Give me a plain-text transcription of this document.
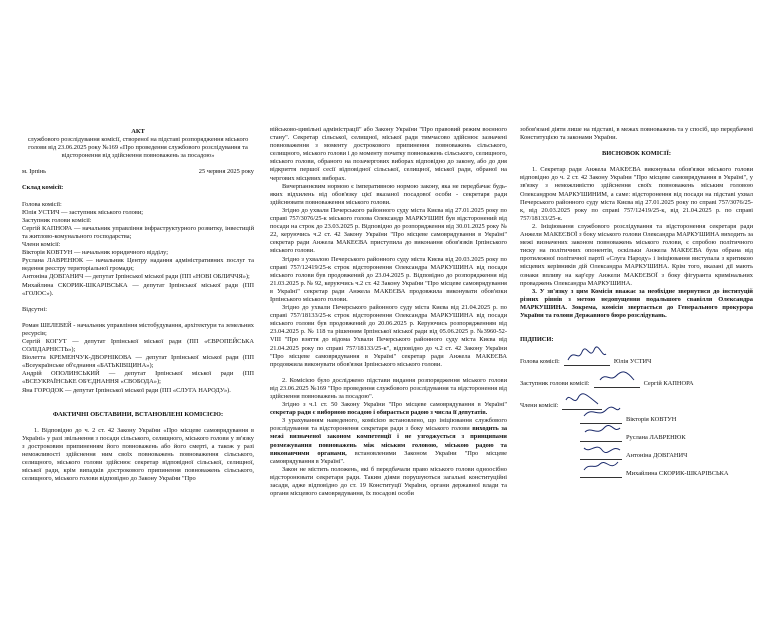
АКТ

службового розслідування комісії, створеної на підставі розпорядження міського голови від 23.06.2025 року №169 «Про проведення службового розслідування та відсторонення від здійснення повноважень за посадою»

м. Ірпінь	25 червня 2025 року

Склад комісії:

Голова комісії:

Юлія УСТИЧ — заступник міського голови;

Заступник голови комісії:

Сергій КАПНОРА — начальник управління інфраструктурного розвитку, інвестицій та житлово-комунального господарства;

Члени комісії:

Вікторія КОВТУН — начальник юридичного відділу;

Руслана ЛАВРЕНЮК — начальник Центру надання адміністративних послуг та ведення реєстру територіальної громади;

Антоніна ДОВГАНИЧ — депутат Ірпінської міської ради (ПП «НОВІ ОБЛИЧЧЯ»);

Михайлина СКОРИК-ШКАРІВСЬКА — депутат Ірпінської міської ради (ПП «ГОЛОС»).

Відсутні:

Роман ШЕЛЕВЕЙ - начальник управління містобудування, архітектури та земельних ресурсів;

Сергій КОГУТ — депутат Ірпінської міської ради (ПП «ЄВРОПЕЙСЬКА СОЛІДАРНІСТЬ»);

Віолетта КРЕМЕНЧУК-ДВОРНІКОВА — депутат Ірпінської міської ради (ПП «Всеукраїнське об'єднання «БАТЬКІВЩИНА»);

Андрій ОПОЛИНСЬКИЙ — депутат Ірпінської міської ради (ПП «ВСЕУКРАЇНСЬКЕ ОБ'ЄДНАННЯ «СВОБОДА»);

Яна ГОРОДОК — депутат Ірпінської міської ради (ПП «СЛУГА НАРОДУ»).

ФАКТИЧНІ ОБСТАВИНИ, ВСТАНОВЛЕНІ КОМІСІЄЮ:

1. Відповідно до ч. 2 ст. 42 Закону України «Про місцеве самоврядування в Україні» у разі звільнення з посади сільського, селищного, міського голови у зв'язку з достроковим припиненням його повноважень або його смерті, а також у разі неможливості здійснення ним своїх повноважень повноваження сільського, селищного, міського голови здійснює секретар відповідної сільської, селищної, міської ради, крім випадків дострокового припинення повноважень сільського, селищного, міського голови відповідно до Закону України "Про

військово-цивільні адміністрації" або Закону України "Про правовий режим воєнного стану". Секретар сільської, селищної, міської ради тимчасово здійснює зазначені повноваження з моменту дострокового припинення повноважень сільського, селищного, міського голови і до моменту початку повноважень сільського, селищного, міського голови, обраного на позачергових виборах відповідно до закону, або до дня відкриття першої сесії відповідної сільської, селищної, міської ради, обраної на чергових місцевих виборах.

Вичерпаннєвим нормою є імперативною нормою закону, яка не передбачає будь-яких відхилень від обов'язку цієї вказаної посадової особи - секретаря ради здійснювати повноваження міського голови.

Згідно до ухвали Печерського районного суду міста Києва від 27.01.2025 року по справі 757/3076/25-к міського голова Олександр МАРКУШИН був відсторонений від посади на строк до 23.03.2025 р. Відповідно до розпорядження від 30.01.2025 року № 22, керуючись ч.2 ст. 42 Закону України "Про місцеве самоврядування в Україні" секретар ради Анжела МАКЕЄВА приступила до виконання обов'язків Ірпінського міського голови.

Згідно з ухвалою Печерського районного суду міста Києва від 20.03.2025 року по справі 757/12419/25-к строк відсторонення Олександра МАРКУШИНА від посади міського голови був продовжений до 23.04.2025 р. Відповідно до розпорядження від 21.03.2025 р. № 92, керуючись ч.2 ст. 42 Закону України "Про місцеве самоврядування в Україні" секретар ради Анжела МАКЕЄВА продовжила виконувати обов'язки Ірпінського міського голови.

Згідно до ухвали Печерського районного суду міста Києва від 21.04.2025 р. по справі 757/18133/25-к строк відсторонення Олександра МАРКУШИНА від посади міського голови був продовжений до 20.06.2025 р. Керуючись розпорядженням від 23.04.2025 р. № 118 та рішенням Ірпінської міської ради від 05.06.2025 р. №3960-52-VIII "Про взяття до відома Ухвали Печерського районного суду міста Києва від 21.04.2025 року по справі 757/18133/25-к", відповідно до ч.2 ст. 42 Закону України "Про місцеве самоврядування в Україні" секретар ради Анжела МАКЕЄВА продовжила виконувати обов'язки Ірпінського міського голови.

2. Комісією було досліджено підстави видання розпорядження міського голови від 23.06.2025 №169 "Про проведення службового розслідування та відсторонення від здійснення повноважень за посадою".

Згідно з ч.1 ст. 50 Закону України "Про місцеве самоврядування в Україні" секретар ради є виборною посадою і обирається радою з числа її депутатів.

З урахуванням наведеного, комісією встановлено, що ініціювання службового розслідування та відсторонення секретаря ради з боку міського голови виходить за межі визначеної законом компетенції і не узгоджується з принципами розмежування повноважень між міським головою, міською радою та виконавчими органами, встановленими Законом України "Про місцеве самоврядування в Україні".

Закон не містить положень, які б передбачали право міського голови одноосібно відсторонювати секретаря ради. Таким діями порушуються загальні конституційні засади, адже відповідно до ст. 19 Конституції України, органи державної влади та органи місцевого самоврядування, їх посадові особи

зобов'язані діяти лише на підставі, в межах повноважень та у спосіб, що передбачені Конституцією та законами України.

ВИСНОВОК КОМІСІЇ:

1. Секретар ради Анжела МАКЕЄВА виконувала обов'язки міського голови відповідно до ч. 2 ст. 42 Закону України "Про місцеве самоврядування в Україні", у зв'язку з неможливістю здійснення своїх повноважень міським головою Олександром МАРКУШИНИМ, а саме: відсторонення від посади на підставі ухвал Печерського районного суду міста Києва від 27.01.2025 року по справі 757/3076/25-к, від 20.03.2025 року по справі 757/12419/25-к, від 21.04.2025 р. по справі 757/18133/25-к.

2. Ініціювання службового розслідування та відсторонення секретаря ради Анжели МАКЕЄВОЇ з боку міського голови Олександра МАРКУШИНА виходить за межі визначених законом повноважень міського голови, є спробою політичного тиску на політичних опонентів, оскільки Анжела МАКЕЄВА була обрана від протилежної політичної партії «Слуга Народу» і ініціювання виступала з критикою місцевих керівників дій Олександра МАРКУШИНА. Крім того, вказані дії мають ознаки впливу на кар'єру Анжели МАКЕЄВОЇ з боку фігуранта кримінальних проваджень Олександра МАРКУШИНА.

3. У зв'язку з цим Комісія вважає за необхідне звернутися до інституцій різних рівнів з метою недопущення подальшого свавілля Олександра МАРКУШИНА. Зокрема, комісія звертається до Генерального прокурора України та голови Державного бюро розслідувань.

ПІДПИСИ:

Голова комісії:	Юлія УСТИЧ
Заступник голови комісії:	Сергій КАПНОРА
Члени комісії:
Вікторія КОВТУН
Руслана ЛАВРЕНЮК
Антоніна ДОВГАНИЧ
Михайлина СКОРИК-ШКАРІВСЬКА
